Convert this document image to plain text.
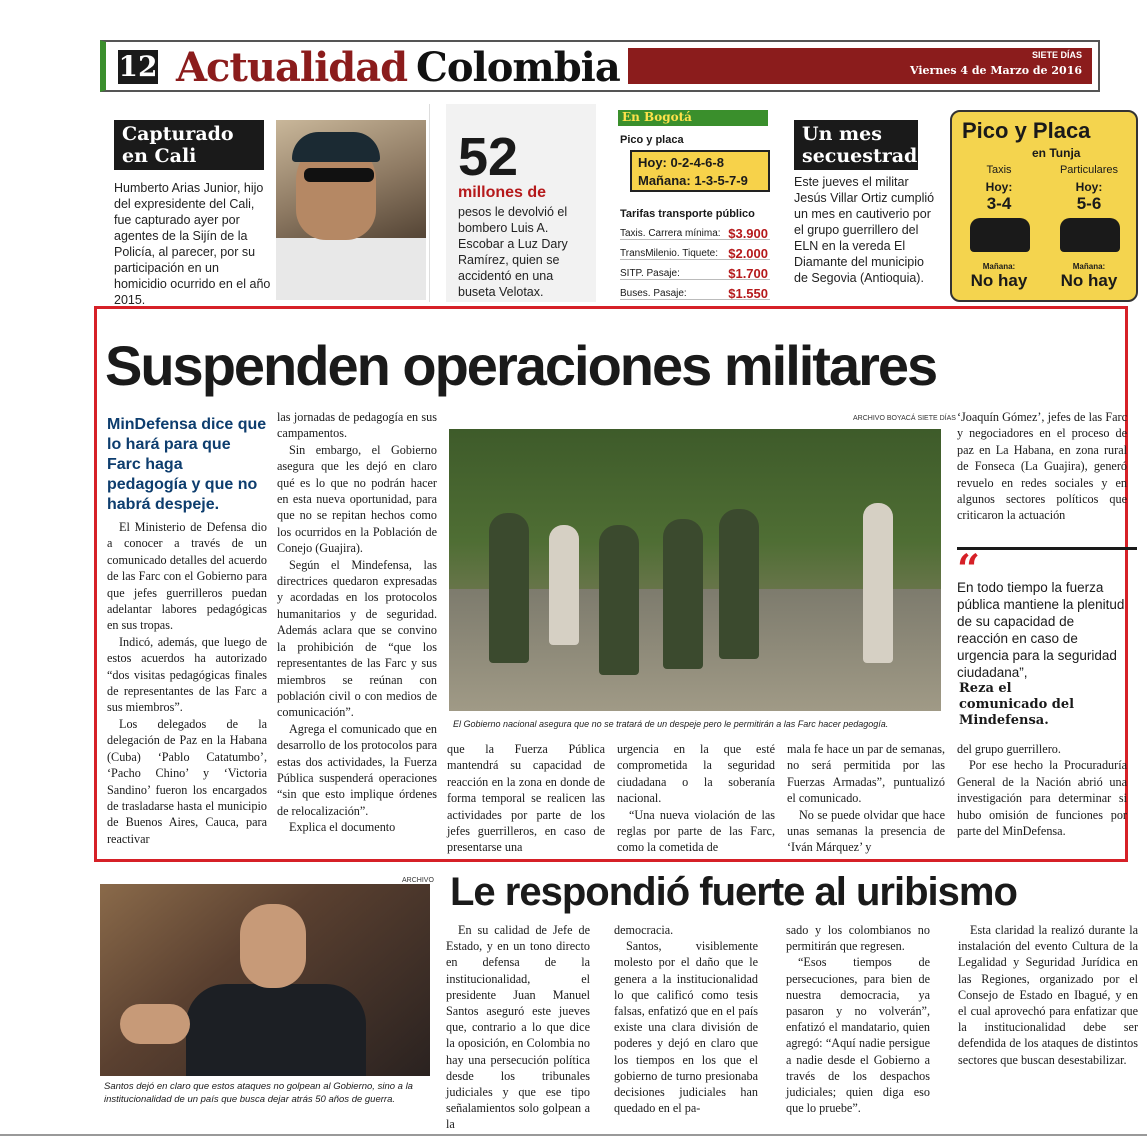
12 Actualidad Colombia	SIETE DÍAS
Viernes 4 de Marzo de 2016
Capturado en Cali
Humberto Arias Junior, hijo del expresidente del Cali, fue capturado ayer por agentes de la Sijín de la Policía, al parecer, por su participación en un homicidio ocurrido en el año 2015.
52
millones de
pesos le devolvió el bombero Luis A. Escobar a Luz Dary Ramírez, quien se accidentó en una buseta Velotax.
En Bogotá
Pico y placa
Hoy: 0-2-4-6-8
Mañana: 1-3-5-7-9
Tarifas transporte público
Taxis. Carrera mínima: $3.900
TransMilenio. Tiquete: $2.000
SITP. Pasaje:	$1.700
Buses. Pasaje:	$1.550
Un mes secuestrado
Este jueves el militar Jesús Villar Ortiz cumplió un mes en cautiverio por el grupo guerrillero del ELN en la vereda El Diamante del municipio de Segovia (Antioquia).
Pico y Placa
en Tunja
Taxis
Hoy:
3-4
Particulares
Hoy:
5-6
Mañana:
No hay
Mañana:
No hay
Suspenden operaciones militares
MinDefensa dice que lo hará para que Farc haga pedagogía y que no habrá despeje.

El Ministerio de Defensa dio a conocer a través de un comunicado detalles del acuerdo de las Farc con el Gobierno para que jefes guerrilleros puedan adelantar labores pedagógicas en sus tropas.

Indicó, además, que luego de estos acuerdos ha autorizado “dos visitas pedagógicas finales de representantes de las Farc a sus miembros”.

Los delegados de la delegación de Paz en la Habana (Cuba) ‘Pablo Catatumbo’, ‘Pacho Chino’ y ‘Victoria Sandino’ fueron los encargados de trasladarse hasta el municipio de Buenos Aires, Cauca, para reactivar

las jornadas de pedagogía en sus campamentos.

Sin embargo, el Gobierno asegura que les dejó en claro qué es lo que no podrán hacer en esta nueva oportunidad, para que no se repitan hechos como los ocurridos en la Población de Conejo (Guajira).

Según el Mindefensa, las directrices quedaron expresadas y acordadas en los protocolos humanitarios y de seguridad. Además aclara que se convino la prohibición de “que los representantes de las Farc y sus miembros se reúnan con población civil o con medios de comunicación”.

Agrega el comunicado que en desarrollo de los protocolos para estas dos actividades, la Fuerza Pública suspenderá operaciones “sin que esto implique órdenes de relocalización”.

Explica el documento

ARCHIVO BOYACÁ SIETE DÍAS
El Gobierno nacional asegura que no se tratará de un despeje pero le permitirán a las Farc hacer pedagogía.
‘Joaquín Gómez’, jefes de las Farc y negociadores en el proceso de paz en La Habana, en zona rural de Fonseca (La Guajira), generó revuelo en redes sociales y en algunos sectores políticos que criticaron la actuación
“
En todo tiempo la fuerza pública mantiene la plenitud de su capacidad de reacción en caso de urgencia para la seguridad ciudadana”,
Reza el comunicado del Mindefensa.
que la Fuerza Pública mantendrá su capacidad de reacción en la zona en donde de forma temporal se realicen las actividades por parte de los jefes guerrilleros, en caso de presentarse una

urgencia en la que esté comprometida la seguridad ciudadana o la soberanía nacional.

“Una nueva violación de las reglas por parte de las Farc, como la cometida de

mala fe hace un par de semanas, no será permitida por las Fuerzas Armadas”, puntualizó el comunicado.

No se puede olvidar que hace unas semanas la presencia de ‘Iván Márquez’ y

del grupo guerrillero.

Por ese hecho la Procuraduría General de la Nación abrió una investigación para determinar si hubo omisión de funciones por parte del MinDefensa.

ARCHIVO
Santos dejó en claro que estos ataques no golpean al Gobierno, sino a la institucionalidad de un país que busca dejar atrás 50 años de guerra.
Le respondió fuerte al uribismo

En su calidad de Jefe de Estado, y en un tono directo en defensa de la institucionalidad, el presidente Juan Manuel Santos aseguró este jueves que, contrario a lo que dice la oposición, en Colombia no hay una persecución política desde los tribunales judiciales y que ese tipo señalamientos solo golpean a la

democracia.

Santos, visiblemente molesto por el daño que le genera a la institucionalidad lo que calificó como tesis falsas, enfatizó que en el país existe una clara división de poderes y dejó en claro que los tiempos en los que el gobierno de turno presionaba decisiones judiciales han quedado en el pa-

sado y los colombianos no permitirán que regresen.

“Esos tiempos de persecuciones, para bien de nuestra democracia, ya pasaron y no volverán”, enfatizó el mandatario, quien agregó: “Aquí nadie persigue a nadie desde el Gobierno a través de los despachos judiciales; quien diga eso que lo pruebe”.

Esta claridad la realizó durante la instalación del evento Cultura de la Legalidad y Seguridad Jurídica en las Regiones, organizado por el Consejo de Estado en Ibagué, y en el cual aprovechó para enfatizar que la institucionalidad debe ser defendida de los ataques de distintos sectores que buscan desestabilizar.
